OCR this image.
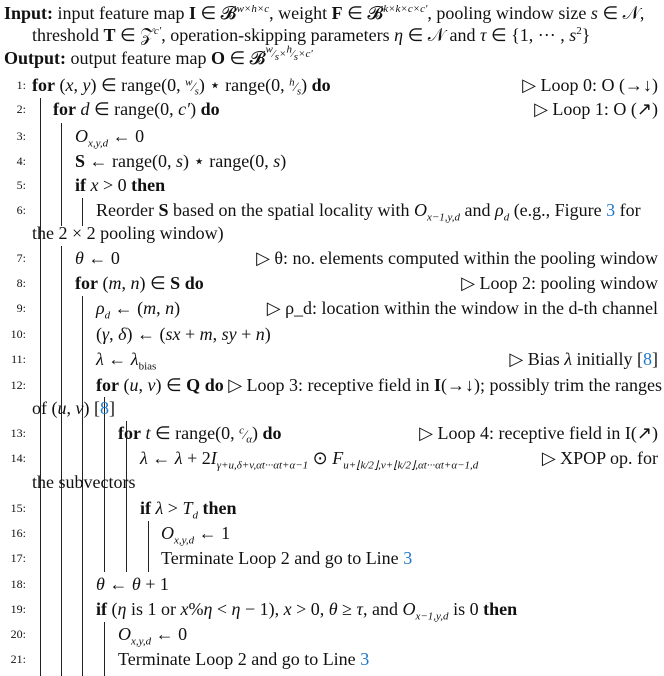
Input: input feature map I ∈ 𝓑$^{w\times h\times c}$, weight F ∈ 𝓑$^{k\times k\times c\times c'}$, pooling window size s ∈ 𝒩,
threshold T ∈ 𝒵$^{c'}$, operation-skipping parameters η ∈ 𝒩 and τ ∈ {1, ··· , $s^2$}
Output: output feature map O ∈ 𝓑$^{^w⁄_s\times^h⁄_s\times c'}$
1: for (x, y) ∈ range(0, $^w⁄_s$) ⋆ range(0, $^h⁄_s$) do	▷ Loop 0: O (→↓)
2: for d ∈ range(0, c′) do	▷ Loop 1: O (↗)
3:	$O_{x,y,d}$ ← 0
4:	S ← range(0, s) ⋆ range(0, s)
5:	if x > 0 then
6:	Reorder S based on the spatial locality with $O_{x-1,y,d}$ and $\rho_d$ (e.g., Figure 3 for
the 2 × 2 pooling window)
7:	θ ← 0	▷ θ: no. elements computed within the pooling window
8:	for (m, n) ∈ S do	▷ Loop 2: pooling window
9:	$\rho_d$ ← (m, n)	▷ ρ_d: location within the window in the d-th channel
10:	(γ, δ) ← (sx + m, sy + n)
11:	λ ← $\lambda_{bias}$	▷ Bias λ initially [8]
12:	for (u, v) ∈ Q do ▷ Loop 3: receptive field in I(→↓); possibly trim the ranges
of (u, v) [8]
13:	for t ∈ range(0, $^c⁄_\alpha$) do	▷ Loop 4: receptive field in I(↗)
14:	λ ← $\lambda + 2I_{\gamma+u,\delta+v,\alpha t\cdot\cdot\cdot\alpha t+\alpha-1}$ ⊙ $F_{u+⌊k/2⌋,v+⌊k/2⌋,\alpha t\cdot\cdot\cdot\alpha t+\alpha-1,d}$	▷ XPOP op. for
the subvectors
15:	if $\lambda > T_d$ then
16:	$O_{x,y,d}$ ← 1
17:	Terminate Loop 2 and go to Line 3
18:	θ ← θ + 1
19:	if (η is 1 or x%η < η − 1), x > 0, θ ≥ τ, and $O_{x-1,y,d}$ is 0 then
20:	$O_{x,y,d}$ ← 0
21:	Terminate Loop 2 and go to Line 3
